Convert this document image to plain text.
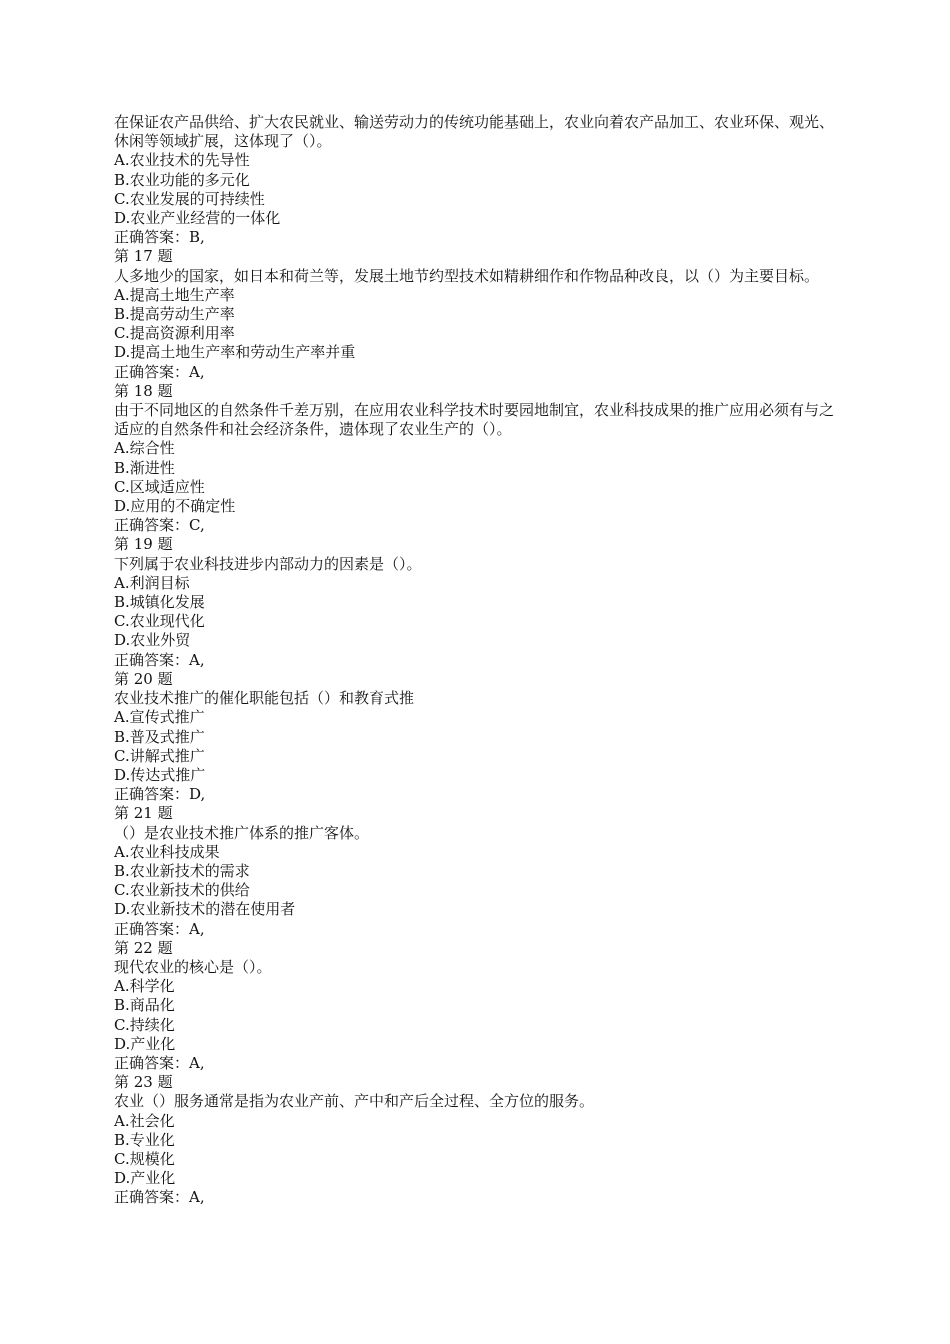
在保证农产品供给、扩大农民就业、输送劳动力的传统功能基础上，农业向着农产品加工、农业环保、观光、休闲等领域扩展，这体现了（）。

A.农业技术的先导性

B.农业功能的多元化

C.农业发展的可持续性

D.农业产业经营的一体化

正确答案：B,

第 17 题

人多地少的国家，如日本和荷兰等，发展土地节约型技术如精耕细作和作物品种改良，以（）为主要目标。

A.提高土地生产率

B.提高劳动生产率

C.提高资源利用率

D.提高土地生产率和劳动生产率并重

正确答案：A,

第 18 题

由于不同地区的自然条件千差万别，在应用农业科学技术时要园地制宜，农业科技成果的推广应用必须有与之适应的自然条件和社会经济条件，遗体现了农业生产的（）。

A.综合性

B.渐进性

C.区域适应性

D.应用的不确定性

正确答案：C,

第 19 题

下列属于农业科技进步内部动力的因素是（）。

A.利润目标

B.城镇化发展

C.农业现代化

D.农业外贸

正确答案：A,

第 20 题

农业技术推广的催化职能包括（）和教育式推

A.宣传式推广

B.普及式推广

C.讲解式推广

D.传达式推广

正确答案：D,

第 21 题

（）是农业技术推广体系的推广客体。

A.农业科技成果

B.农业新技术的需求

C.农业新技术的供给

D.农业新技术的潜在使用者

正确答案：A,

第 22 题

现代农业的核心是（）。

A.科学化

B.商品化

C.持续化

D.产业化

正确答案：A,

第 23 题

农业（）服务通常是指为农业产前、产中和产后全过程、全方位的服务。

A.社会化

B.专业化

C.规模化

D.产业化

正确答案：A,
